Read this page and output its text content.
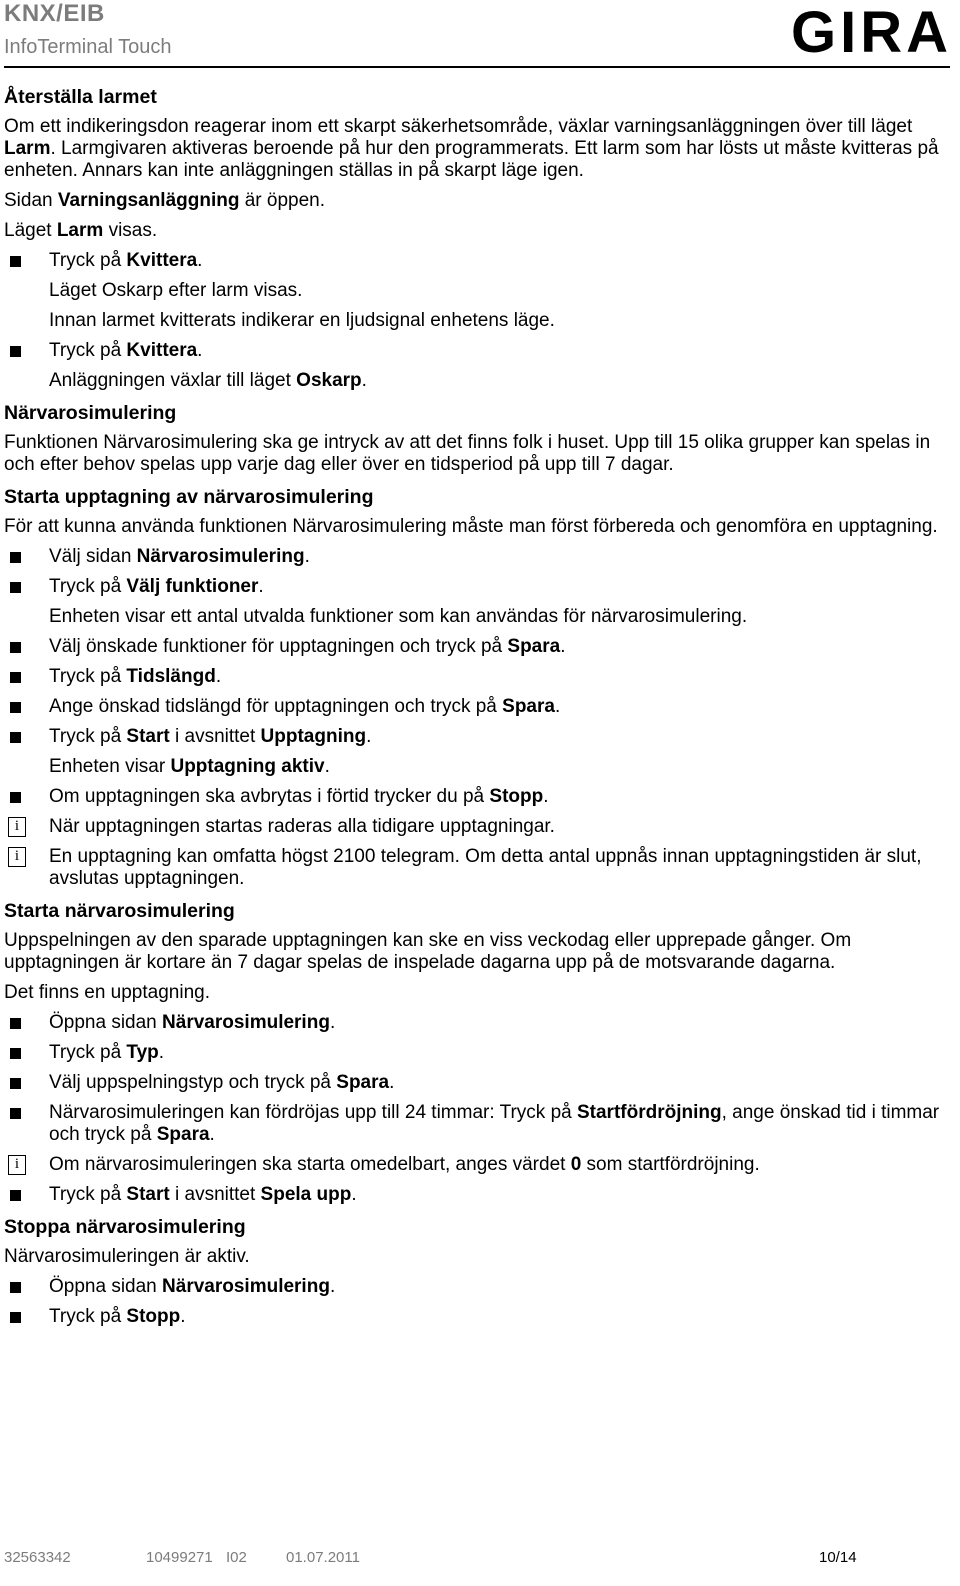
KNX/EIB
InfoTerminal Touch	GIRA
Återställa larmet
Om ett indikeringsdon reagerar inom ett skarpt säkerhetsområde, växlar varningsanläggningen över till läget Larm. Larmgivaren aktiveras beroende på hur den programmerats. Ett larm som har lösts ut måste kvitteras på enheten. Annars kan inte anläggningen ställas in på skarpt läge igen.
Sidan Varningsanläggning är öppen.
Läget Larm visas.
Tryck på Kvittera.
Läget Oskarp efter larm visas.
Innan larmet kvitterats indikerar en ljudsignal enhetens läge.
Tryck på Kvittera.
Anläggningen växlar till läget Oskarp.
Närvarosimulering
Funktionen Närvarosimulering ska ge intryck av att det finns folk i huset. Upp till 15 olika grupper kan spelas in och efter behov spelas upp varje dag eller över en tidsperiod på upp till 7 dagar.
Starta upptagning av närvarosimulering
För att kunna använda funktionen Närvarosimulering måste man först förbereda och genomföra en upptagning.
Välj sidan Närvarosimulering.
Tryck på Välj funktioner.
Enheten visar ett antal utvalda funktioner som kan användas för närvarosimulering.
Välj önskade funktioner för upptagningen och tryck på Spara.
Tryck på Tidslängd.
Ange önskad tidslängd för upptagningen och tryck på Spara.
Tryck på Start i avsnittet Upptagning.
Enheten visar Upptagning aktiv.
Om upptagningen ska avbrytas i förtid trycker du på Stopp.
i	När upptagningen startas raderas alla tidigare upptagningar.
i	En upptagning kan omfatta högst 2100 telegram. Om detta antal uppnås innan upptagningstiden är slut, avslutas upptagningen.
Starta närvarosimulering
Uppspelningen av den sparade upptagningen kan ske en viss veckodag eller upprepade gånger. Om upptagningen är kortare än 7 dagar spelas de inspelade dagarna upp på de motsvarande dagarna.
Det finns en upptagning.
Öppna sidan Närvarosimulering.
Tryck på Typ.
Välj uppspelningstyp och tryck på Spara.
Närvarosimuleringen kan fördröjas upp till 24 timmar: Tryck på Startfördröjning, ange önskad tid i timmar och tryck på Spara.
i	Om närvarosimuleringen ska starta omedelbart, anges värdet 0 som startfördröjning.
Tryck på Start i avsnittet Spela upp.
Stoppa närvarosimulering
Närvarosimuleringen är aktiv.
Öppna sidan Närvarosimulering.
Tryck på Stopp.
32563342	10499271 I02	01.07.2011	10/14
